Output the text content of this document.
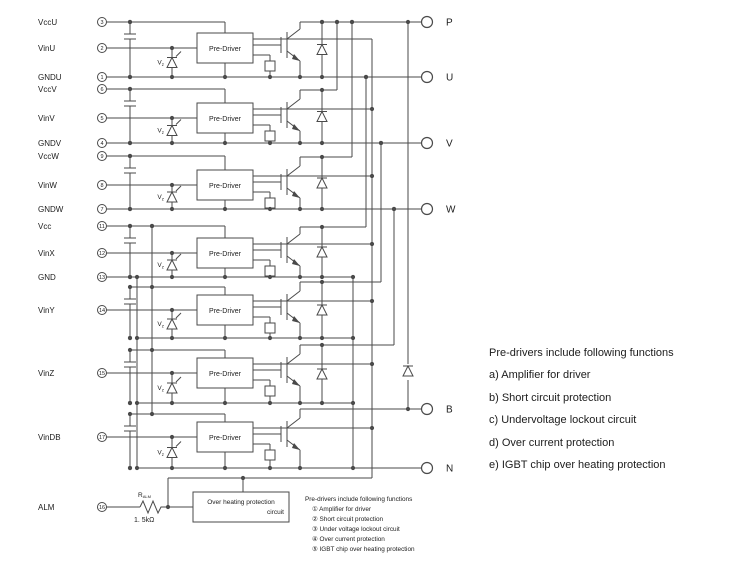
VccU	3
VinU	2
GNDU	1
VccV	6
VinV	5
GNDV	4
VccW	9
VinW	8
GNDW	7
Vcc	11
VinX	12
GND	13
VinY	14
VinZ	15
VinDB	17
ALM	16
Pre-Driver
$V_z$
Pre-Driver
$V_z$
Pre-Driver
$V_z$
Pre-Driver
$V_z$
Pre-Driver
$V_z$
Pre-Driver
$V_z$
Pre-Driver
$V_z$
P
U
V
W
B
N
RALM
1. 5kΩ
Over heating protection
circuit
Pre-drivers include following functions
a) Amplifier for driver
b) Short circuit protection
c) Undervoltage lockout circuit
d) Over current protection
e) IGBT chip over heating protection
Pre-drivers include following functions
① Amplifier for driver
② Short circuit protection
③ Under voltage lockout circuit
④ Over current protection
⑤ IGBT chip over heating protection
